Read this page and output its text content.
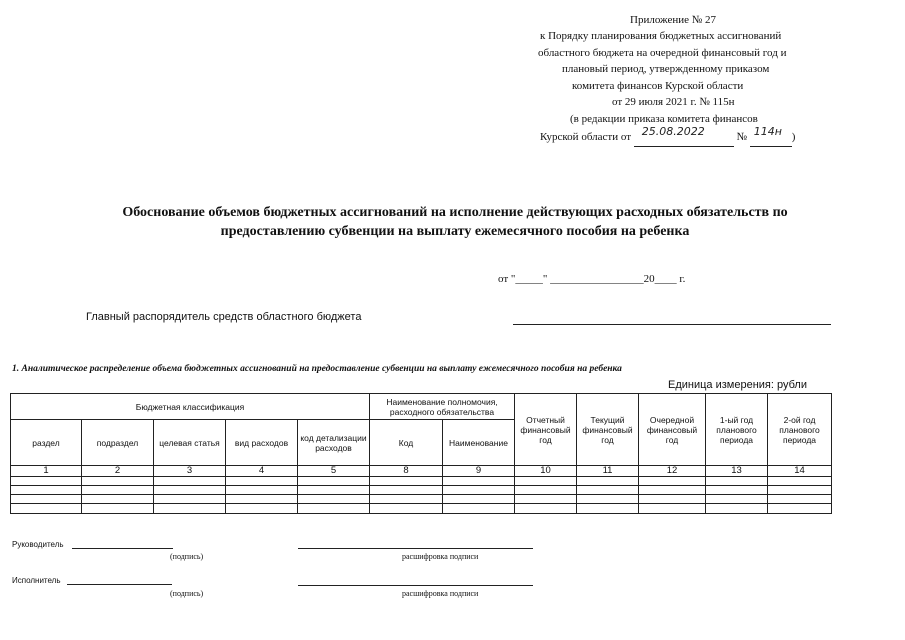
Приложение № 27
к Порядку планирования бюджетных ассигнований
областного бюджета на очередной финансовый год и
плановый период, утвержденному приказом
комитета финансов Курской области
от 29 июля 2021 г. № 115н
(в редакции приказа комитета финансов
Курской области от 25.08.2022	№ 114н )
Обоснование объемов бюджетных ассигнований на исполнение действующих расходных обязательств по
предоставлению субвенции на выплату ежемесячного пособия на ребенка
от "_____" _________________20____ г.
Главный распорядитель средств областного бюджета
1. Аналитическое распределение объема бюджетных ассигнований на предоставление субвенции на выплату ежемесячного пособия на ребенка
Единица измерения: рубли
Бюджетная классификация					Наименование полномочия, расходного обязательства		Отчетный финансовый год	Текущий финансовый год	Очередной финансовый год	1-ый год планового периода	2-ой год планового периода
раздел	подраздел	целевая статья	вид расходов	код детализации расходов	Код	Наименование					
1	2	3	4	5	8	9	10	11	12	13	14

Руководитель
(подпись)	расшифровка подписи
Исполнитель
(подпись)	расшифровка подписи
